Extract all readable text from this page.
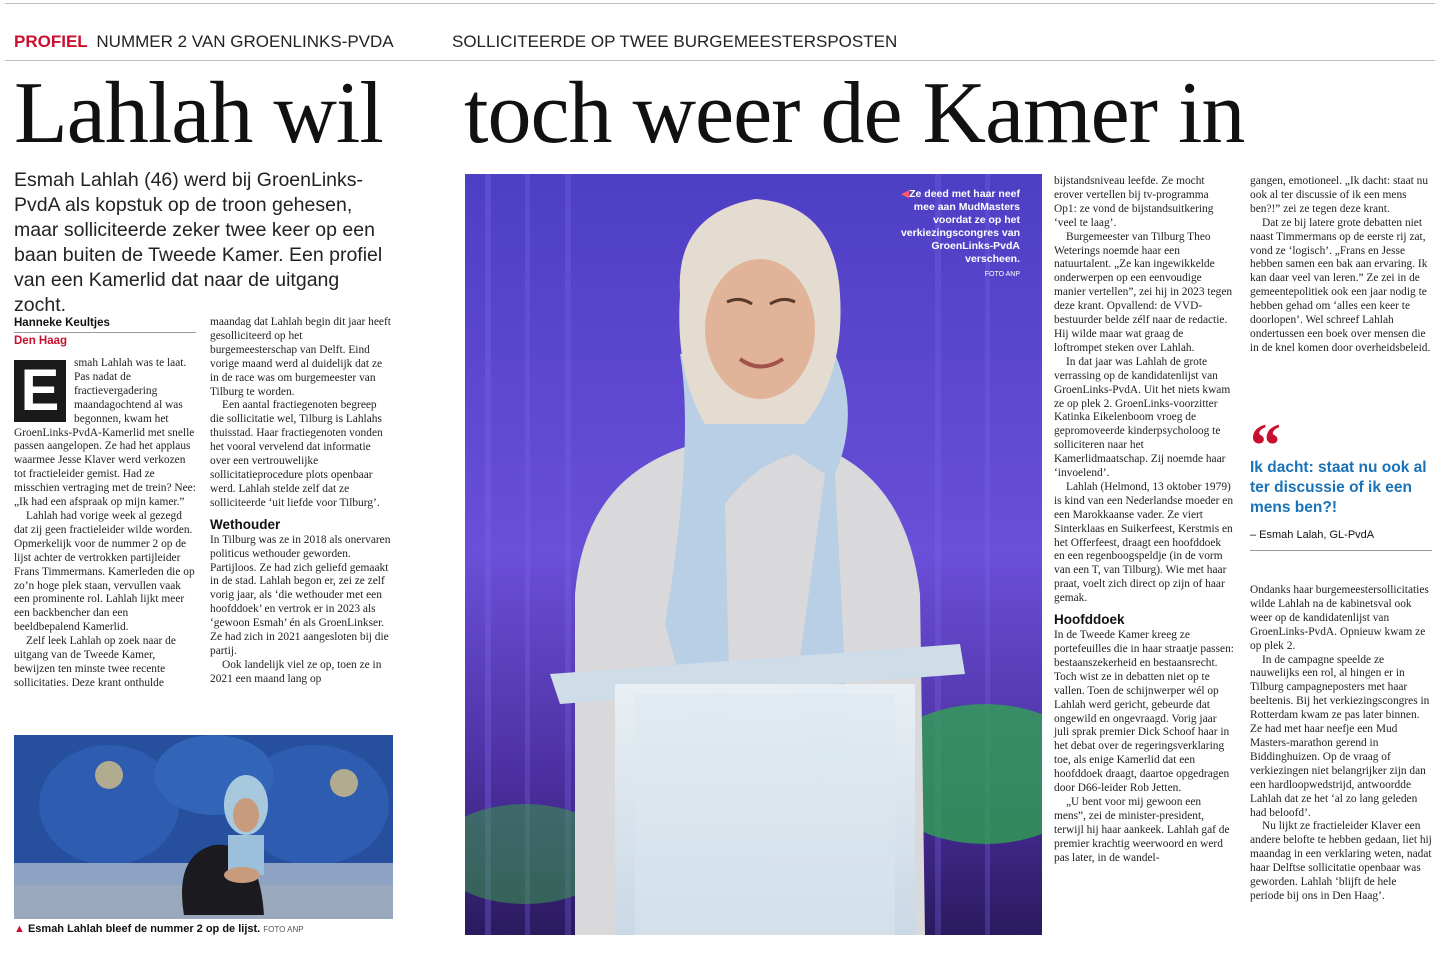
PROFIEL NUMMER 2 VAN GROENLINKS-PVDA	SOLLICITEERDE OP TWEE BURGEMEESTERSPOSTEN
Lahlah wil toch weer de Kamer in
Esmah Lahlah (46) werd bij GroenLinks-PvdA als kopstuk op de troon gehesen, maar solliciteerde zeker twee keer op een baan buiten de Tweede Kamer. Een profiel van een Kamerlid dat naar de uitgang zocht.
Hanneke Keultjes
Den Haag
E	smah Lahlah was te laat. Pas nadat de fractievergadering maandagochtend al was begonnen, kwam het GroenLinks-PvdA-Kamerlid met snelle passen aangelopen. Ze had het applaus waarmee Jesse Klaver werd verkozen tot fractieleider gemist. Had ze misschien vertraging met de trein? Nee: „Ik had een afspraak op mijn kamer.”

Lahlah had vorige week al gezegd dat zij geen fractieleider wilde worden. Opmerkelijk voor de nummer 2 op de lijst achter de vertrokken partijleider Frans Timmermans. Kamerleden die op zo’n hoge plek staan, vervullen vaak een prominente rol. Lahlah lijkt meer een backbencher dan een beeldbepalend Kamerlid.

Zelf leek Lahlah op zoek naar de uitgang van de Tweede Kamer, bewijzen ten minste twee recente sollicitaties. Deze krant onthulde

maandag dat Lahlah begin dit jaar heeft gesolliciteerd op het burgemeesterschap van Delft. Eind vorige maand werd al duidelijk dat ze in de race was om burgemeester van Tilburg te worden.

Een aantal fractiegenoten begreep die sollicitatie wel, Tilburg is Lahlahs thuisstad. Haar fractiegenoten vonden het vooral vervelend dat informatie over een vertrouwelijke sollicitatieprocedure plots openbaar werd. Lahlah stelde zelf dat ze solliciteerde ‘uit liefde voor Tilburg’.

Wethouder

In Tilburg was ze in 2018 als onervaren politicus wethouder geworden. Partijloos. Ze had zich geliefd gemaakt in de stad. Lahlah begon er, zei ze zelf vorig jaar, als ‘die wethouder met een hoofddoek’ en vertrok er in 2023 als ‘gewoon Esmah’ én als GroenLinkser. Ze had zich in 2021 aangesloten bij die partij.

Ook landelijk viel ze op, toen ze in 2021 een maand lang op

▲ Esmah Lahlah bleef de nummer 2 op de lijst. FOTO ANP
◀Ze deed met haar neef mee aan MudMasters voordat ze op het verkiezingscongres van GroenLinks-PvdA verscheen.
FOTO ANP

bijstandsniveau leefde. Ze mocht erover vertellen bij tv-programma Op1: ze vond de bijstandsuitkering ‘veel te laag’.

Burgemeester van Tilburg Theo Weterings noemde haar een natuurtalent. „Ze kan ingewikkelde onderwerpen op een eenvoudige manier vertellen”, zei hij in 2023 tegen deze krant. Opvallend: de VVD-bestuurder belde zélf naar de redactie. Hij wilde maar wat graag de loftrompet steken over Lahlah.

In dat jaar was Lahlah de grote verrassing op de kandidatenlijst van GroenLinks-PvdA. Uit het niets kwam ze op plek 2. GroenLinks-voorzitter Katinka Eikelenboom vroeg de gepromoveerde kinderpsycholoog te solliciteren naar het Kamerlidmaatschap. Zij noemde haar ‘invoelend’.

Lahlah (Helmond, 13 oktober 1979) is kind van een Nederlandse moeder en een Marokkaanse vader. Ze viert Sinterklaas en Suikerfeest, Kerstmis en het Offerfeest, draagt een hoofddoek en een regenboogspeldje (in de vorm van een T, van Tilburg). Wie met haar praat, voelt zich direct op zijn of haar gemak.

Hoofddoek

In de Tweede Kamer kreeg ze portefeuilles die in haar straatje passen: bestaanszekerheid en bestaansrecht. Toch wist ze in debatten niet op te vallen. Toen de schijnwerper wél op Lahlah werd gericht, gebeurde dat ongewild en ongevraagd. Vorig jaar juli sprak premier Dick Schoof haar in het debat over de regeringsverklaring toe, als enige Kamerlid dat een hoofddoek draagt, daartoe opgedragen door D66-leider Rob Jetten.

„U bent voor mij gewoon een mens”, zei de minister-president, terwijl hij haar aankeek. Lahlah gaf de premier krachtig weerwoord en werd pas later, in de wandel-

gangen, emotioneel. „Ik dacht: staat nu ook al ter discussie of ik een mens ben?!” zei ze tegen deze krant.

Dat ze bij latere grote debatten niet naast Timmermans op de eerste rij zat, vond ze ‘logisch’. „Frans en Jesse hebben samen een bak aan ervaring. Ik kan daar veel van leren.” Ze zei in de gemeentepolitiek ook een jaar nodig te hebben gehad om ‘alles een keer te doorlopen’. Wel schreef Lahlah ondertussen een boek over mensen die in de knel komen door overheidsbeleid.

“
Ik dacht: staat nu ook al ter discussie of ik een mens ben?!
– Esmah Lalah, GL-PvdA

Ondanks haar burgemeestersollicitaties wilde Lahlah na de kabinetsval ook weer op de kandidatenlijst van GroenLinks-PvdA. Opnieuw kwam ze op plek 2.

In de campagne speelde ze nauwelijks een rol, al hingen er in Tilburg campagneposters met haar beeltenis. Bij het verkiezingscongres in Rotterdam kwam ze pas later binnen. Ze had met haar neefje een Mud Masters-marathon gerend in Biddinghuizen. Op de vraag of verkiezingen niet belangrijker zijn dan een hardloopwedstrijd, antwoordde Lahlah dat ze het ‘al zo lang geleden had beloofd’.

Nu lijkt ze fractieleider Klaver een andere belofte te hebben gedaan, liet hij maandag in een verklaring weten, nadat haar Delftse sollicitatie openbaar was geworden. Lahlah ‘blijft de hele periode bij ons in Den Haag’.
